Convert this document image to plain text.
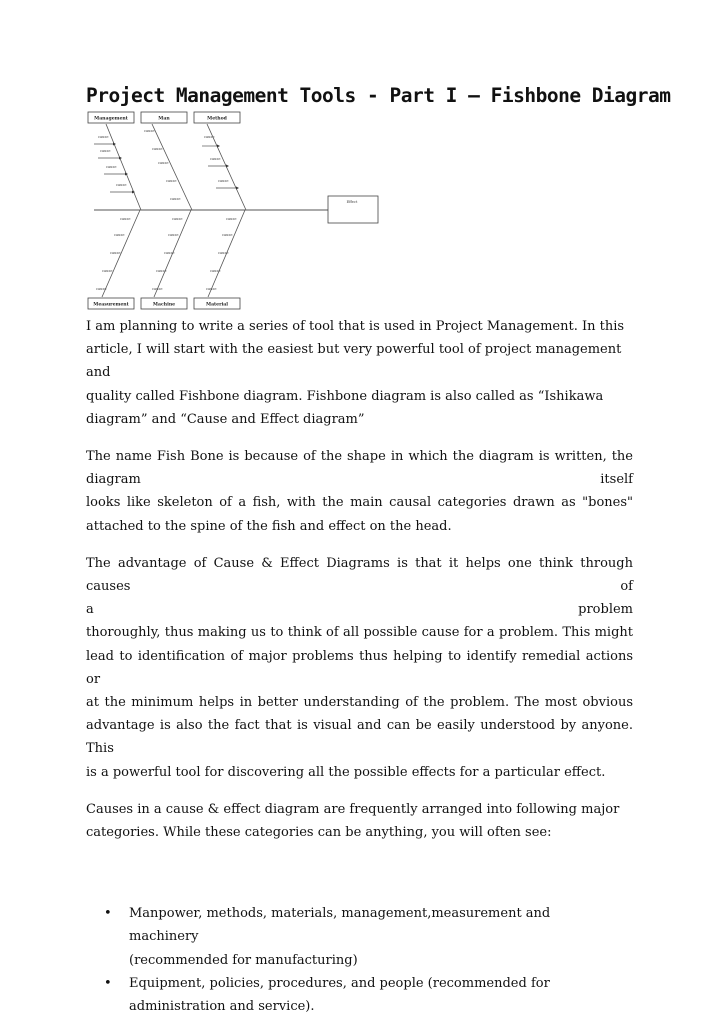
Project Management Tools - Part I – Fishbone Diagram
Management	Man	Method
Measurement	Machine	Material
Effect
cause
cause
cause
cause
cause
cause
cause
cause
cause
cause
cause
cause
cause
cause
cause
cause
cause
cause
cause
cause
cause
cause
cause
cause
cause
cause
cause

I am planning to write a series of tool that is used in Project Management. In this
article, I will start with the easiest but very powerful tool of project management and
quality called Fishbone diagram. Fishbone diagram is also called as “Ishikawa
diagram” and “Cause and Effect diagram”

The name Fish Bone is because of the shape in which the diagram is written, the

diagram itself

looks like skeleton of a fish, with the main causal categories drawn as "bones"

attached to the spine of the fish and effect on the head.

The advantage of Cause & Effect Diagrams is that it helps one think through causes of

a problem

thoroughly, thus making us to think of all possible cause for a problem. This might

lead to identification of major problems thus helping to identify remedial actions or

at the minimum helps in better understanding of the problem. The most obvious

advantage is also the fact that is visual and can be easily understood by anyone. This

is a powerful tool for discovering all the possible effects for a particular effect.

Causes in a cause & effect diagram are frequently arranged into following major
categories. While these categories can be anything, you will often see:

• Manpower, methods, materials, management,measurement and machinery
(recommended for manufacturing)
• Equipment, policies, procedures, and people (recommended for
administration and service).
